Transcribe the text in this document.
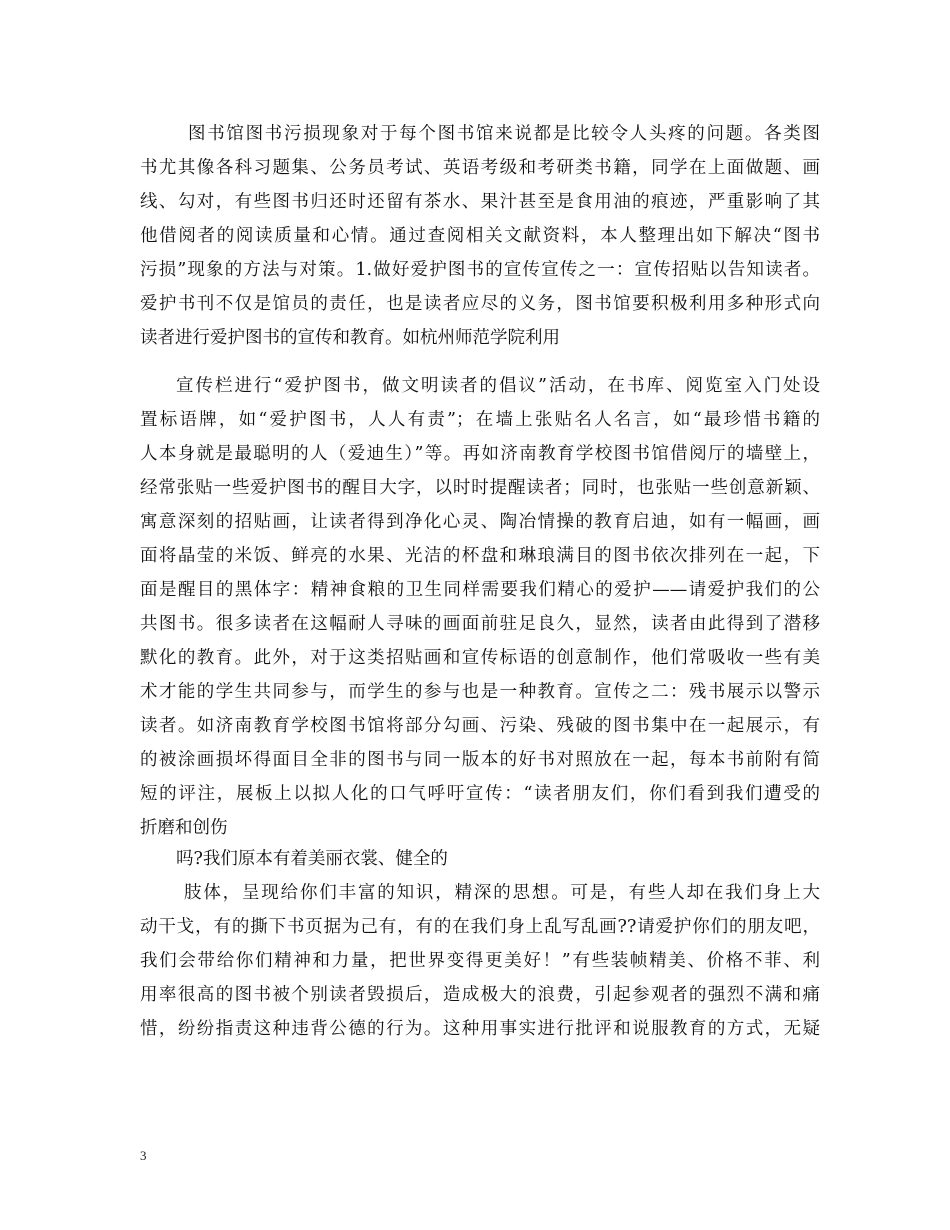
图书馆图书污损现象对于每个图书馆来说都是比较令人头疼的问题。各类图
书尤其像各科习题集、公务员考试、英语考级和考研类书籍，同学在上面做题、画
线、勾对，有些图书归还时还留有茶水、果汁甚至是食用油的痕迹，严重影响了其
他借阅者的阅读质量和心情。通过查阅相关文献资料，本人整理出如下解决“图书
污损”现象的方法与对策。1.做好爱护图书的宣传宣传之一：宣传招贴以告知读者。
爱护书刊不仅是馆员的责任，也是读者应尽的义务，图书馆要积极利用多种形式向
读者进行爱护图书的宣传和教育。如杭州师范学院利用
宣传栏进行“爱护图书，做文明读者的倡议”活动，在书库、阅览室入门处设
置标语牌，如“爱护图书，人人有责”；在墙上张贴名人名言，如“最珍惜书籍的
人本身就是最聪明的人（爱迪生）”等。再如济南教育学校图书馆借阅厅的墙壁上，
经常张贴一些爱护图书的醒目大字，以时时提醒读者；同时，也张贴一些创意新颖、
寓意深刻的招贴画，让读者得到净化心灵、陶冶情操的教育启迪，如有一幅画，画
面将晶莹的米饭、鲜亮的水果、光洁的杯盘和琳琅满目的图书依次排列在一起，下
面是醒目的黑体字：精神食粮的卫生同样需要我们精心的爱护——请爱护我们的公
共图书。很多读者在这幅耐人寻味的画面前驻足良久，显然，读者由此得到了潜移
默化的教育。此外，对于这类招贴画和宣传标语的创意制作，他们常吸收一些有美
术才能的学生共同参与，而学生的参与也是一种教育。宣传之二：残书展示以警示
读者。如济南教育学校图书馆将部分勾画、污染、残破的图书集中在一起展示，有
的被涂画损坏得面目全非的图书与同一版本的好书对照放在一起，每本书前附有简
短的评注，展板上以拟人化的口气呼吁宣传：“读者朋友们，你们看到我们遭受的
折磨和创伤
吗?我们原本有着美丽衣裳、健全的
肢体，呈现给你们丰富的知识，精深的思想。可是，有些人却在我们身上大
动干戈，有的撕下书页据为己有，有的在我们身上乱写乱画??请爱护你们的朋友吧，
我们会带给你们精神和力量，把世界变得更美好！”有些装帧精美、价格不菲、利
用率很高的图书被个别读者毁损后，造成极大的浪费，引起参观者的强烈不满和痛
惜，纷纷指责这种违背公德的行为。这种用事实进行批评和说服教育的方式，无疑
3
